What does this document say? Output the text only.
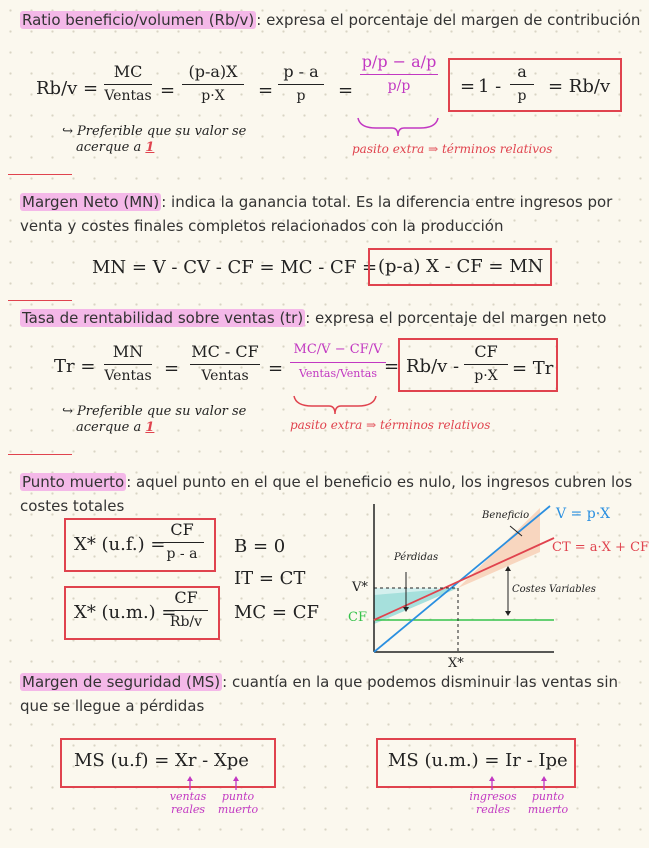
Ratio beneficio/volumen (Rb/v) : expresa el porcentaje del margen de contribución
Rb/v =
MC
Ventas =
(p-a)X
p·X	=
p - a
p	=
p/p − a/p
p/p	= 1 -
a
p	= Rb/v
↪ Preferible que su valor se
acerque a 1	pasito extra ⇒ términos relativos
Margen Neto (MN) : indica la ganancia total. Es la diferencia entre ingresos por
venta y costes finales completos relacionados con la producción
MN = V - CV - CF = MC - CF = (p-a) X - CF = MN
Tasa de rentabilidad sobre ventas (tr) : expresa el porcentaje del margen neto
Tr =
MN
Ventas =
MC - CF
Ventas	=
MC/V − CF/V
Ventas/Ventas = Rb/v -
CF
p·X = Tr
↪ Preferible que su valor se
acerque a 1	pasito extra ⇒ términos relativos
Punto muerto : aquel punto en el que el beneficio es nulo, los ingresos cubren los
costes totales
X* (u.f.) =
CF
p - a
X* (u.m.) =
CF
Rb/v
B = 0
IT = CT
MC = CF
Beneficio V = p·X
CT = a·X + CF
Pérdidas
Costes Variables
V*
CF
X*
Margen de seguridad (MS) : cuantía en la que podemos disminuir las ventas sin
que se llegue a pérdidas
MS (u.f) = Xr - Xpe	MS (u.m.) = Ir - Ipe
ventas reales
punto muerto
ingresos reales
punto muerto
